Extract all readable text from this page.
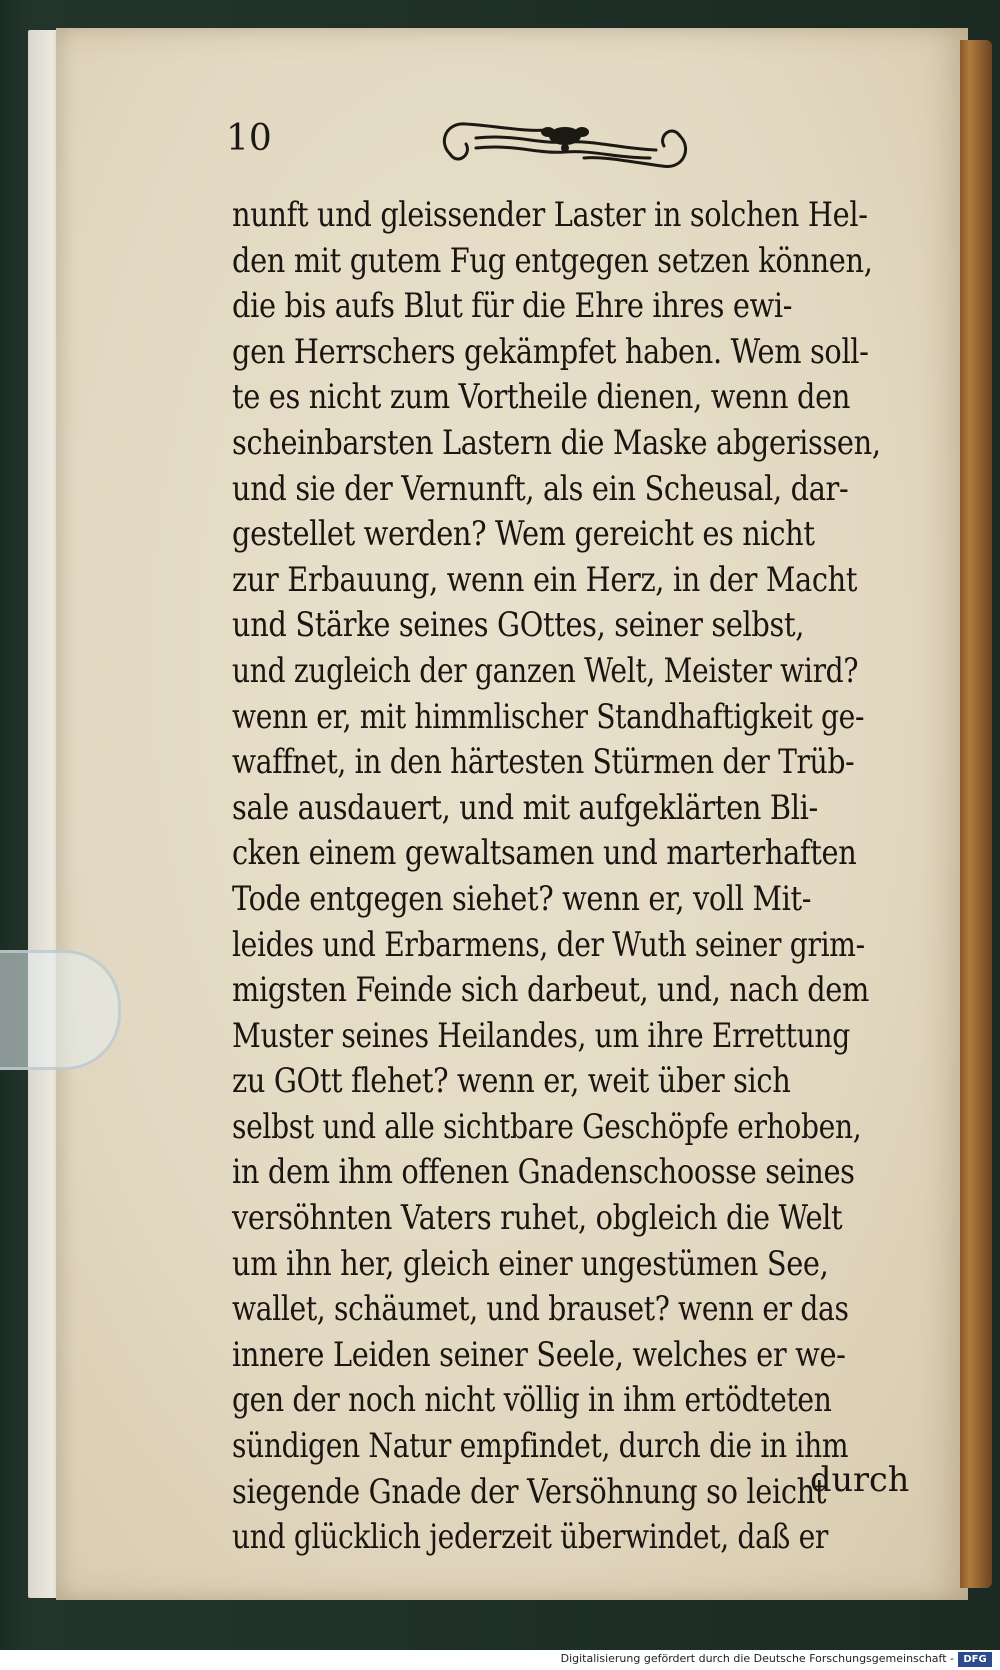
10
nunft und gleissender Laster in solchen Hel-
den mit gutem Fug entgegen setzen können,
die bis aufs Blut für die Ehre ihres ewi-
gen Herrschers gekämpfet haben. Wem soll-
te es nicht zum Vortheile dienen, wenn den
scheinbarsten Lastern die Maske abgerissen,
und sie der Vernunft, als ein Scheusal, dar-
gestellet werden? Wem gereicht es nicht
zur Erbauung, wenn ein Herz, in der Macht
und Stärke seines GOttes, seiner selbst,
und zugleich der ganzen Welt, Meister wird?
wenn er, mit himmlischer Standhaftigkeit ge-
waffnet, in den härtesten Stürmen der Trüb-
sale ausdauert, und mit aufgeklärten Bli-
cken einem gewaltsamen und marterhaften
Tode entgegen siehet? wenn er, voll Mit-
leides und Erbarmens, der Wuth seiner grim-
migsten Feinde sich darbeut, und, nach dem
Muster seines Heilandes, um ihre Errettung
zu GOtt flehet? wenn er, weit über sich
selbst und alle sichtbare Geschöpfe erhoben,
in dem ihm offenen Gnadenschoosse seines
versöhnten Vaters ruhet, obgleich die Welt
um ihn her, gleich einer ungestümen See,
wallet, schäumet, und brauset? wenn er das
innere Leiden seiner Seele, welches er we-
gen der noch nicht völlig in ihm ertödteten
sündigen Natur empfindet, durch die in ihm
siegende Gnade der Versöhnung so leicht
und glücklich jederzeit überwindet, daß er
durch
Digitalisierung gefördert durch die Deutsche Forschungsgemeinschaft - DFG
